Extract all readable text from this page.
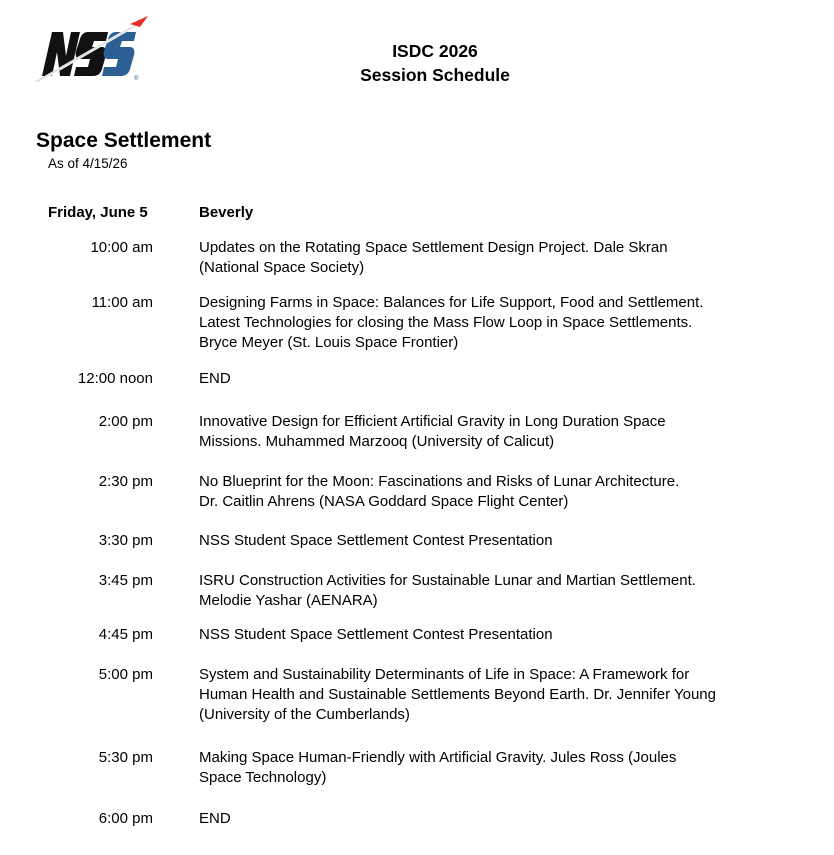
®
ISDC 2026
Session Schedule
Space Settlement
As of 4/15/26
Friday, June 5	Beverly
10:00 am	Updates on the Rotating Space Settlement Design Project. Dale Skran
(National Space Society)
11:00 am	Designing Farms in Space: Balances for Life Support, Food and Settlement.
Latest Technologies for closing the Mass Flow Loop in Space Settlements.
Bryce Meyer (St. Louis Space Frontier)
12:00 noon	END
2:00 pm	Innovative Design for Efficient Artificial Gravity in Long Duration Space
Missions. Muhammed Marzooq (University of Calicut)
2:30 pm	No Blueprint for the Moon: Fascinations and Risks of Lunar Architecture.
Dr. Caitlin Ahrens (NASA Goddard Space Flight Center)
3:30 pm	NSS Student Space Settlement Contest Presentation
3:45 pm	ISRU Construction Activities for Sustainable Lunar and Martian Settlement.
Melodie Yashar (AENARA)
4:45 pm	NSS Student Space Settlement Contest Presentation
5:00 pm	System and Sustainability Determinants of Life in Space: A Framework for
Human Health and Sustainable Settlements Beyond Earth. Dr. Jennifer Young
(University of the Cumberlands)
5:30 pm	Making Space Human-Friendly with Artificial Gravity. Jules Ross (Joules
Space Technology)
6:00 pm	END
